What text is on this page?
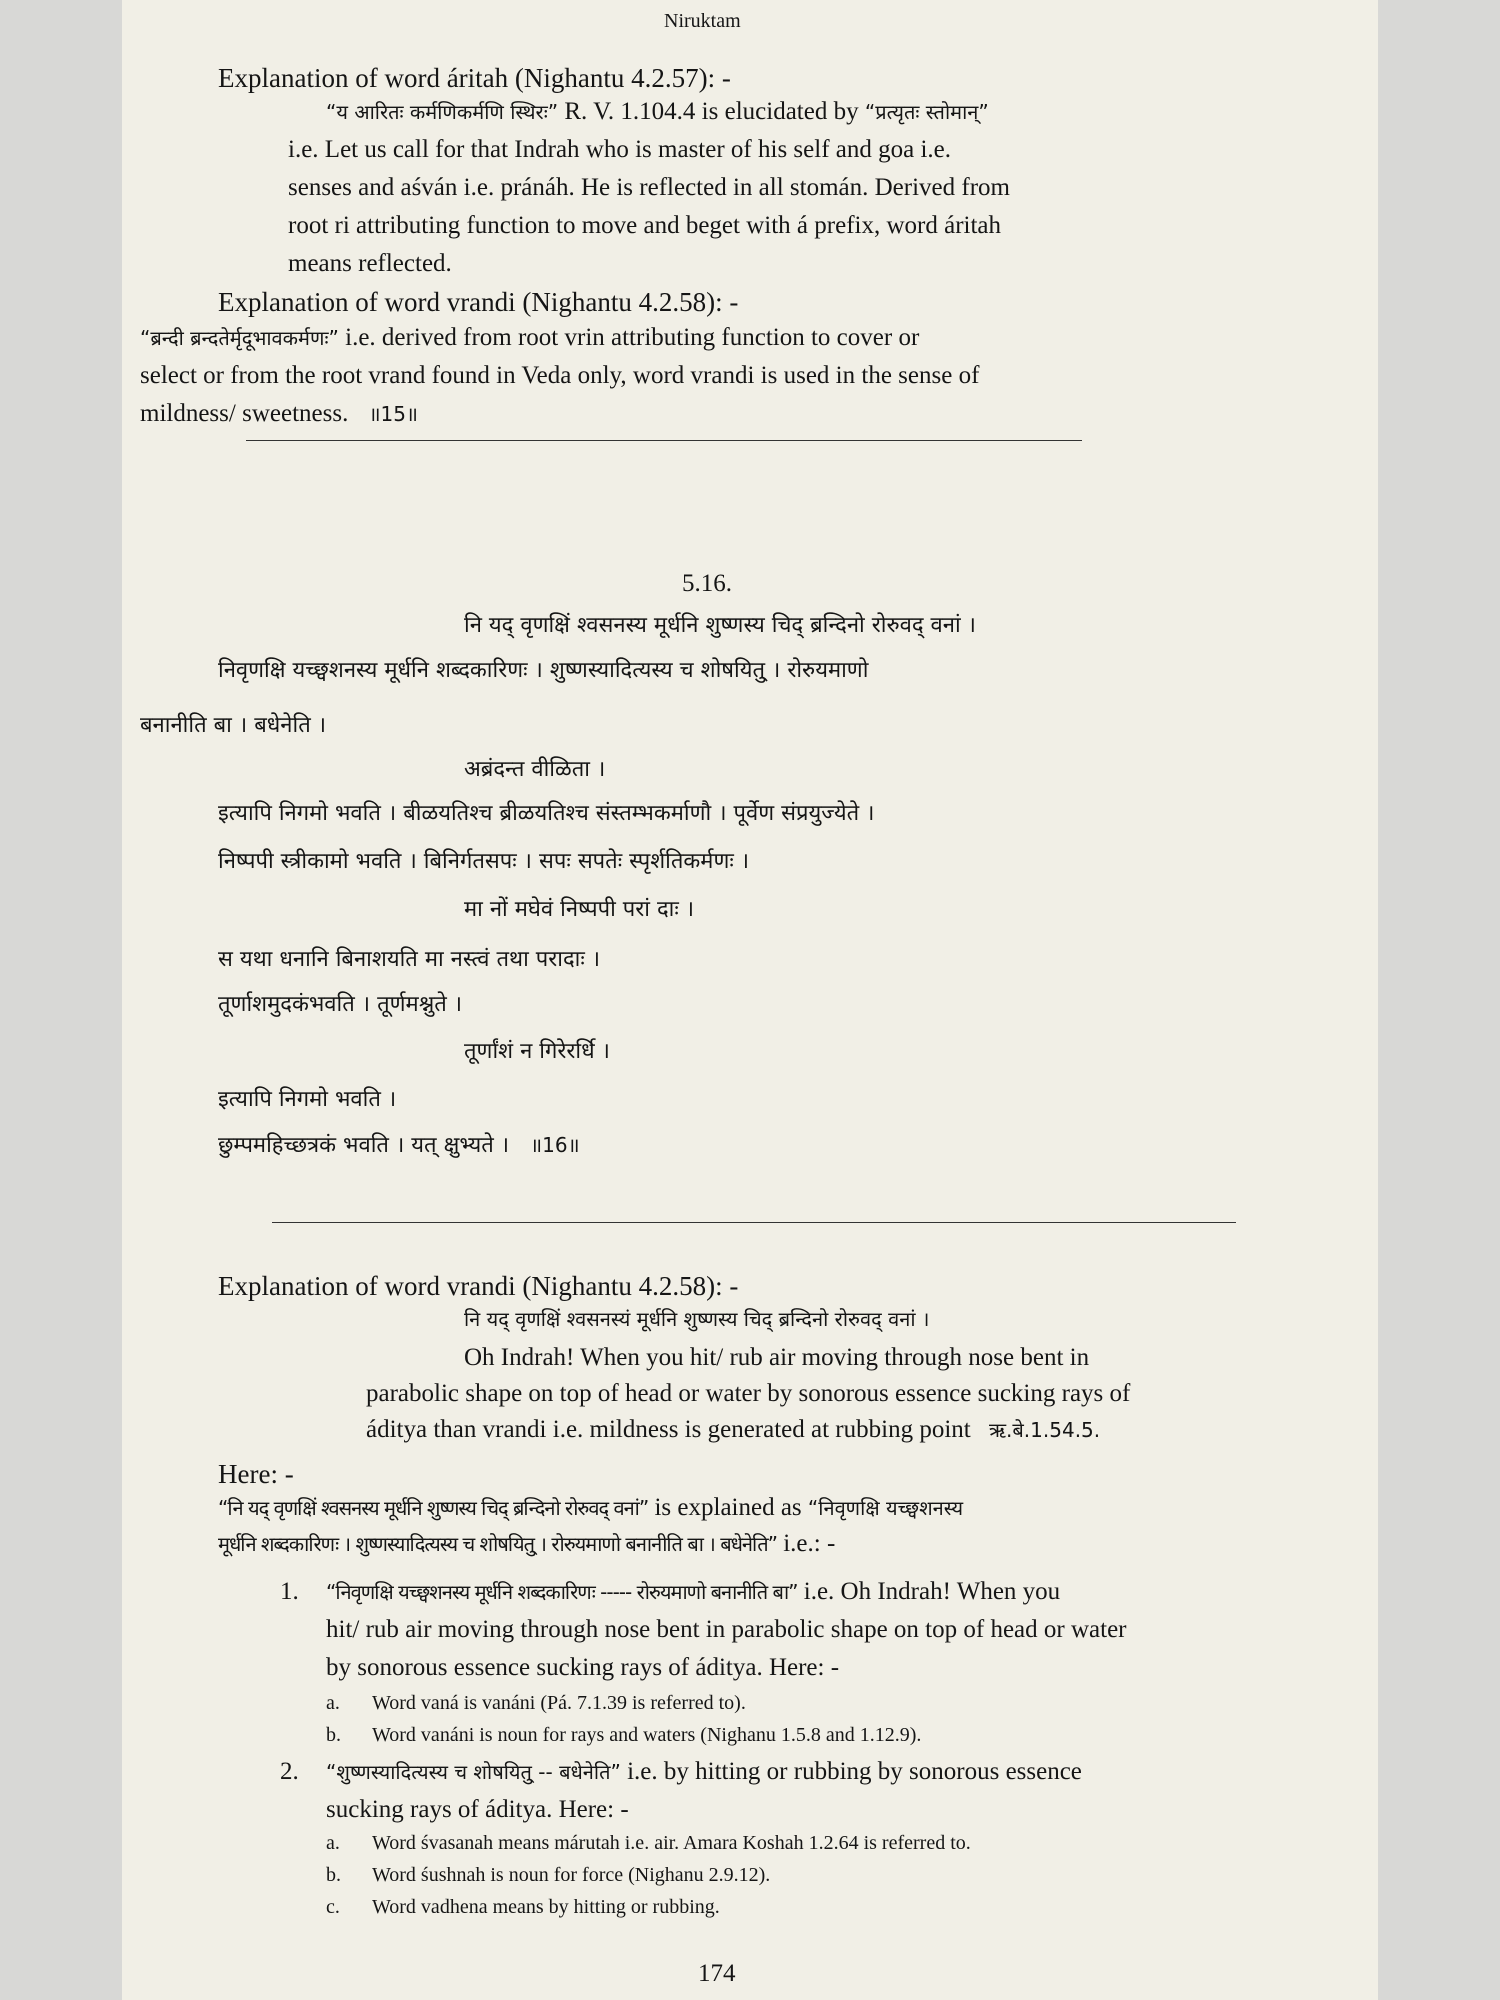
Niruktam
Explanation of word áritah (Nighantu 4.2.57): -
“य आरितः कर्मणिकर्मणि स्थिरः” R. V. 1.104.4 is elucidated by “प्रत्यृतः स्तोमान्”
i.e. Let us call for that Indrah who is master of his self and goa i.e.
senses and aśván i.e. pránáh. He is reflected in all stomán. Derived from
root ri attributing function to move and beget with á prefix, word áritah
means reflected.
Explanation of word vrandi (Nighantu 4.2.58): -
“ब्रन्दी ब्रन्दतेर्मृदूभावकर्मणः” i.e. derived from root vrin attributing function to cover or
select or from the root vrand found in Veda only, word vrandi is used in the sense of
mildness/ sweetness. ॥15॥
5.16.
नि यद् वृणक्षिं श्वसनस्य मूर्धनि शुष्णस्य चिद् ब्रन्दिनो रोरुवद् वनां ।
निवृणक्षि यच्छ्वशनस्य मूर्धनि शब्दकारिणः । शुष्णस्यादित्यस्य च शोषयितु् । रोरुयमाणो
बनानीति बा । बधेनेति ।
अब्रंदन्त वीळिता ।
इत्यापि निगमो भवति । बीळयतिश्च ब्रीळयतिश्च संस्तम्भकर्माणौ । पूर्वेण संप्रयुज्येते ।
निष्पपी स्त्रीकामो भवति । बिनिर्गतसपः । सपः सपतेः स्पृर्शतिकर्मणः ।
मा नों मघेवं निष्पपी परां दाः ।
स यथा धनानि बिनाशयति मा नस्त्वं तथा परादाः ।
तूर्णाशमुदकंभवति । तूर्णमश्नुते ।
तूर्णांशं न गिरेरर्धि ।
इत्यापि निगमो भवति ।
छुम्पमहिच्छत्रकं भवति । यत् क्षुभ्यते । ॥16॥
Explanation of word vrandi (Nighantu 4.2.58): -
नि यद् वृणक्षिं श्वसनस्यं मूर्धनि शुष्णस्य चिद् ब्रन्दिनो रोरुवद् वनां ।
Oh Indrah! When you hit/ rub air moving through nose bent in
parabolic shape on top of head or water by sonorous essence sucking rays of
áditya than vrandi i.e. mildness is generated at rubbing point ऋ.बे.1.54.5.
Here: -
“नि यद् वृणक्षिं श्वसनस्य मूर्धनि शुष्णस्य चिद् ब्रन्दिनो रोरुवद् वनां” is explained as “निवृणक्षि यच्छ्वशनस्य
मूर्धनि शब्दकारिणः । शुष्णस्यादित्यस्य च शोषयितु् । रोरुयमाणो बनानीति बा । बधेनेति” i.e.: -
1. “निवृणक्षि यच्छ्वशनस्य मूर्धनि शब्दकारिणः ----- रोरुयमाणो बनानीति बा” i.e. Oh Indrah! When you
hit/ rub air moving through nose bent in parabolic shape on top of head or water
by sonorous essence sucking rays of áditya. Here: -
a. Word vaná is vanáni (Pá. 7.1.39 is referred to).
b. Word vanáni is noun for rays and waters (Nighanu 1.5.8 and 1.12.9).
2. “शुष्णस्यादित्यस्य च शोषयितु् -- बधेनेति” i.e. by hitting or rubbing by sonorous essence
sucking rays of áditya. Here: -
a. Word śvasanah means márutah i.e. air. Amara Koshah 1.2.64 is referred to.
b. Word śushnah is noun for force (Nighanu 2.9.12).
c. Word vadhena means by hitting or rubbing.
174
